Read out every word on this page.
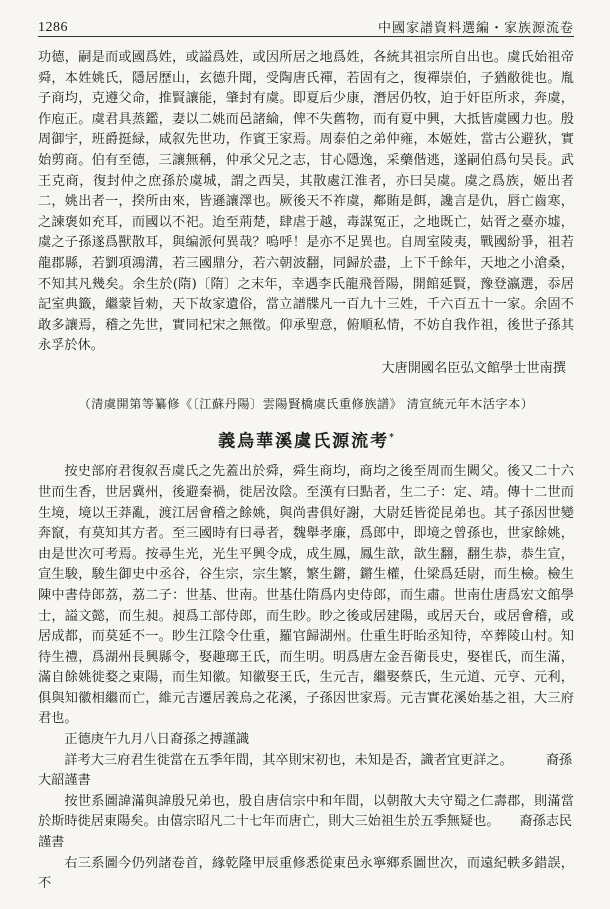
1286	中國家譜資料選編・家族源流卷

功德，嗣是而或國爲姓，或謚爲姓，或因所居之地爲姓，各統其祖宗所自出也。虞氏始祖帝舜，本姓姚氏，隱居歷山，玄德升聞，受陶唐氏禪，若固有之，復禪崇伯，子猶敝徙也。胤子商均，克遵父命，推賢讓能，肇封有虞。即夏后少康，潛居仍牧，迫于奸臣所求，奔虞，作庖正。虞君具蒸鑑，妻以二姚而邑諸綸，俾不失舊物，而有夏中興，大抵皆虞國力也。殷周御宇，班爵挺緑，咸叙先世功，作賓王家焉。周泰伯之弟仲雍，本姬姓，當古公避狄，實始剪商。伯有至德，三讓無稱，仲承父兄之志，甘心隱逸，采藥偕逃，遂嗣伯爲句吴長。武王克商，復封仲之庶孫於虞城，謂之西吴，其散處江淮者，亦曰吴虞。虞之爲族，姬出者二，姚出者一，揆所由來，皆遜讓澤也。厥後天不祚虞，鄰賄是餌，讒言是仇，唇亡齒寒，之諫褒如充耳，而國以不祀。迨至荊楚，肆虐于越，毒謀冤正，之地既亡，姑胥之臺亦墟，虞之子孫遂爲獸散耳，與编派何異哉？嗚呼！是亦不足異也。自周室陵夷，戰國紛爭，祖若龍郡縣，若劉項鴻溝，若三國鼎分，若六朝波翻，同歸於盡，上下千餘年，天地之小滄桑，不知其凡幾矣。余生於(隋)〔隋〕之末年，幸遇李氏龍飛晉陽，開館延賢，豫登瀛選，忝居記室典籤，繼蒙旨勑，天下故家遺俗，當立譜牒凡一百九十三姓，千六百五十一家。余固不敢多讓焉，稽之先世，實同杞宋之無徵。仰承聖意，俯順私情，不妨自我作祖，後世子孫其永孚於休。

大唐開國名臣弘文館學士世南撰

（清虞開第等纂修《〔江蘇丹陽〕雲陽賢橋虞氏重修族譜》 清宣統元年木活字本）

義烏華溪虞氏源流考*

按史部府君復叙吾虞氏之先蓋出於舜，舜生商均，商均之後至周而生闕父。後又二十六世而生香，世居冀州，後避秦禍，徙居汝陰。至漢有曰點者，生二子：定、靖。傳十二世而生境，境以王莽亂，渡江居會稽之餘姚，與尚書俱好謝，大尉廷皆從昆弟也。其子孫因世變奔竄，有莫知其方者。至三國時有曰尋者，魏舉孝廉，爲郎中，即境之曾孫也，世家餘姚，由是世次可考焉。按尋生光，光生平興令成，成生鳳，鳳生歆，歆生翻，翻生恭，恭生宣，宣生駿，駿生御史中丞谷，谷生宗，宗生繁，繁生鏘，鏘生權，仕梁爲廷尉，而生檢。檢生陳中書侍郎荔，荔二子：世基、世南。世基仕隋爲内史侍郎，而生肅。世南仕唐爲宏文館學士，謚文懿，而生昶。昶爲工部侍郎，而生眇。眇之後或居建陽，或居天台，或居會稽，或居成都，而莫延不一。眇生江陰令仕重，羅官歸湖州。仕重生盱眙丞知待，卒葬陵山村。知待生禮，爲湖州長興縣令，娶趣瑯王氏，而生明。明爲唐左金吾衛長史，娶崔氏，而生滿，滿自餘姚徙婺之東陽，而生知徽。知徽娶王氏，生元吉，繼娶蔡氏，生元道、元亨、元利，俱與知徽相繼而亡，維元吉遷居義烏之花溪，子孫因世家焉。元吉實花溪始基之祖，大三府君也。

正德庚午九月八日裔孫之搏謹識

詳考大三府君生徙當在五季年間，其卒則宋初也，未知是否，識者宜更詳之。　　　	裔孫

大韶謹書

按世系圖諱滿與諱殷兄弟也，殷自唐信宗中和年間，以朝散大夫守蜀之仁壽郡，則滿當於斯時徙居東陽矣。由僖宗昭凡二十七年而唐亡，則大三始祖生於五季無疑也。　　 裔孫志民

謹書

右三系圖今仍列諸卷首，緣乾隆甲辰重修悉從東邑永寧鄉系圖世次，而遠紀軼多錯誤，不
